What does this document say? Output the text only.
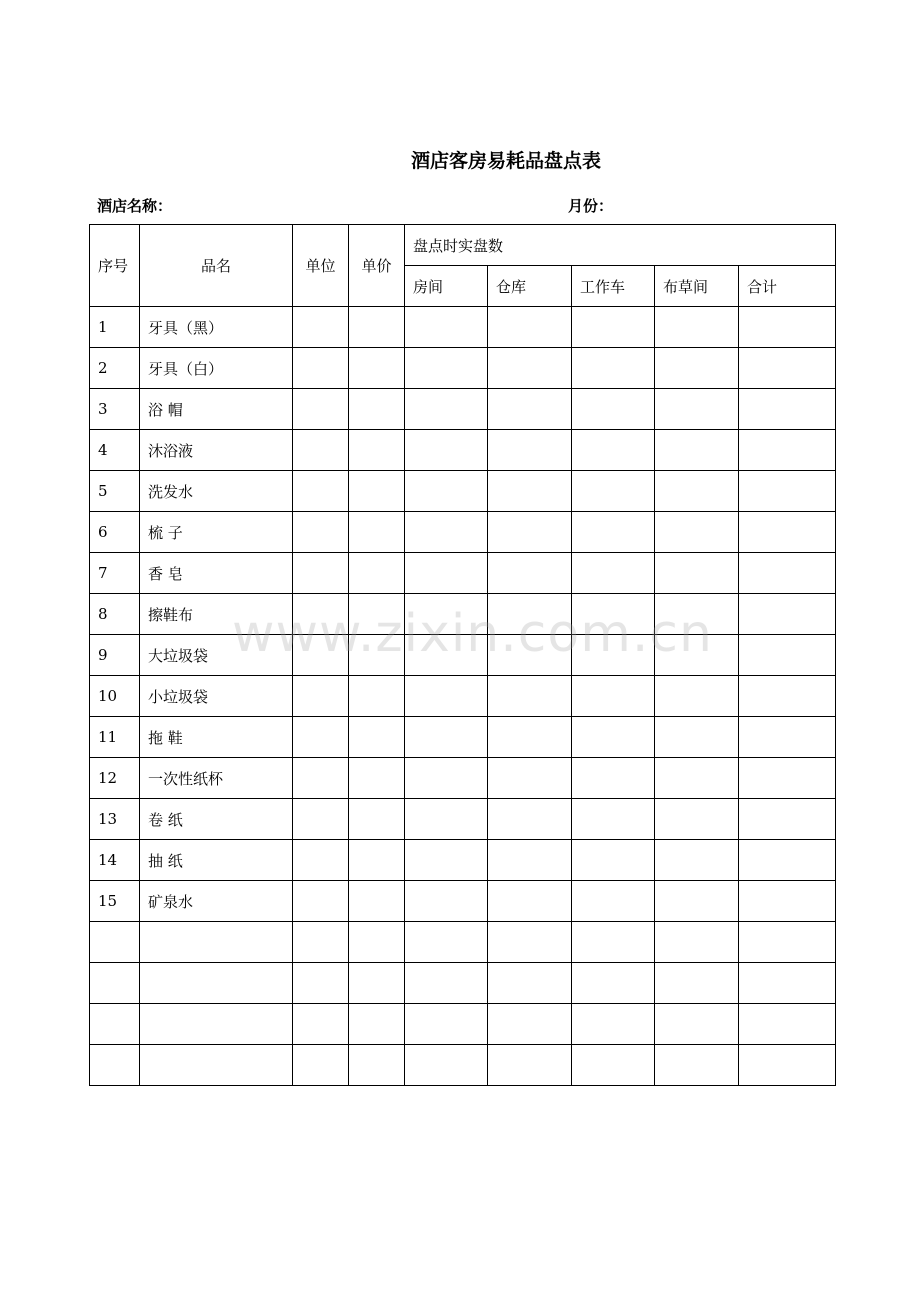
酒店客房易耗品盘点表
酒店名称：	月份：
序号	品名	单位	单价	盘点时实盘数				
				房间	仓库	工作车	布草间	合计
1	牙具（黑）							
2	牙具（白）							
3	浴 帽							
4	沐浴液							
5	洗发水							
6	梳 子							
7	香 皂							
8	擦鞋布							
9	大垃圾袋							
10	小垃圾袋							
11	拖 鞋							
12	一次性纸杯							
13	卷 纸							
14	抽 纸							
15	矿泉水							

www.zixin.com.cn
